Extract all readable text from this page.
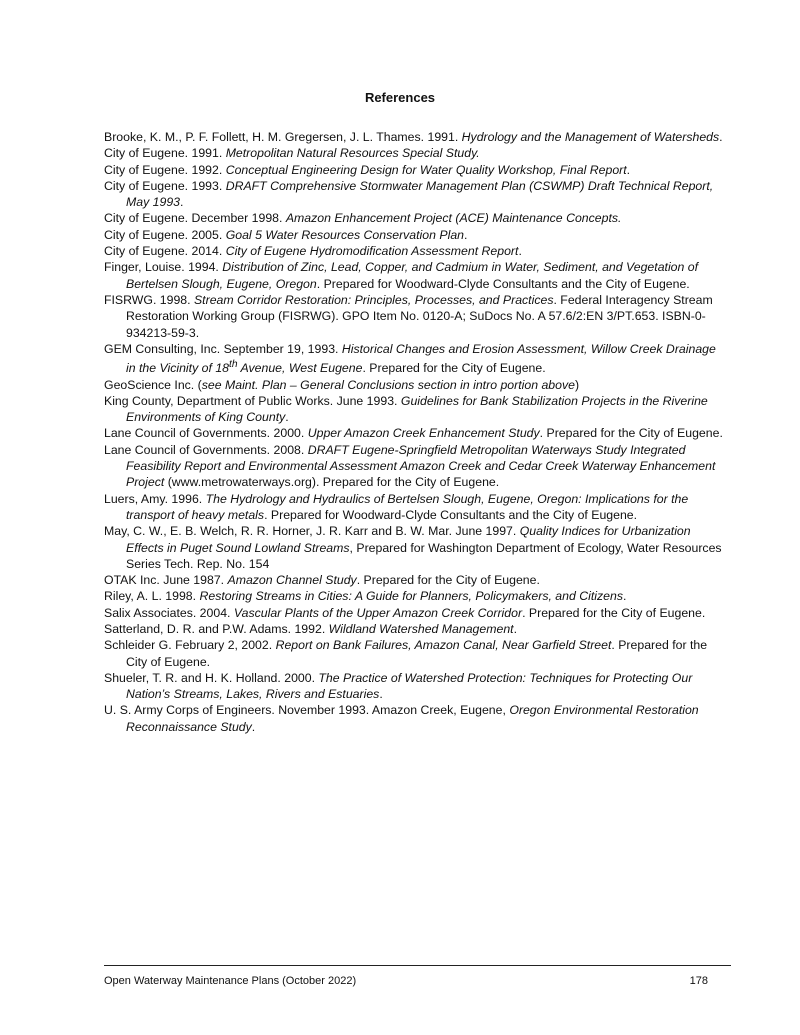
References
Brooke, K. M., P. F. Follett, H. M. Gregersen, J. L. Thames. 1991. Hydrology and the Management of Watersheds.
City of Eugene. 1991. Metropolitan Natural Resources Special Study.
City of Eugene. 1992. Conceptual Engineering Design for Water Quality Workshop, Final Report.
City of Eugene. 1993. DRAFT Comprehensive Stormwater Management Plan (CSWMP) Draft Technical Report, May 1993.
City of Eugene. December 1998. Amazon Enhancement Project (ACE) Maintenance Concepts.
City of Eugene. 2005. Goal 5 Water Resources Conservation Plan.
City of Eugene. 2014. City of Eugene Hydromodification Assessment Report.
Finger, Louise. 1994. Distribution of Zinc, Lead, Copper, and Cadmium in Water, Sediment, and Vegetation of Bertelsen Slough, Eugene, Oregon. Prepared for Woodward-Clyde Consultants and the City of Eugene.
FISRWG. 1998. Stream Corridor Restoration: Principles, Processes, and Practices. Federal Interagency Stream Restoration Working Group (FISRWG). GPO Item No. 0120-A; SuDocs No. A 57.6/2:EN 3/PT.653. ISBN-0-934213-59-3.
GEM Consulting, Inc. September 19, 1993. Historical Changes and Erosion Assessment, Willow Creek Drainage in the Vicinity of 18th Avenue, West Eugene. Prepared for the City of Eugene.
GeoScience Inc. (see Maint. Plan – General Conclusions section in intro portion above)
King County, Department of Public Works. June 1993. Guidelines for Bank Stabilization Projects in the Riverine Environments of King County.
Lane Council of Governments. 2000. Upper Amazon Creek Enhancement Study. Prepared for the City of Eugene.
Lane Council of Governments. 2008. DRAFT Eugene-Springfield Metropolitan Waterways Study Integrated Feasibility Report and Environmental Assessment Amazon Creek and Cedar Creek Waterway Enhancement Project (www.metrowaterways.org). Prepared for the City of Eugene.
Luers, Amy. 1996. The Hydrology and Hydraulics of Bertelsen Slough, Eugene, Oregon: Implications for the transport of heavy metals. Prepared for Woodward-Clyde Consultants and the City of Eugene.
May, C. W., E. B. Welch, R. R. Horner, J. R. Karr and B. W. Mar. June 1997. Quality Indices for Urbanization Effects in Puget Sound Lowland Streams, Prepared for Washington Department of Ecology, Water Resources Series Tech. Rep. No. 154
OTAK Inc. June 1987. Amazon Channel Study. Prepared for the City of Eugene.
Riley, A. L. 1998. Restoring Streams in Cities: A Guide for Planners, Policymakers, and Citizens.
Salix Associates. 2004. Vascular Plants of the Upper Amazon Creek Corridor. Prepared for the City of Eugene.
Satterland, D. R. and P.W. Adams. 1992. Wildland Watershed Management.
Schleider G. February 2, 2002. Report on Bank Failures, Amazon Canal, Near Garfield Street. Prepared for the City of Eugene.
Shueler, T. R. and H. K. Holland. 2000. The Practice of Watershed Protection: Techniques for Protecting Our Nation’s Streams, Lakes, Rivers and Estuaries.
U. S. Army Corps of Engineers. November 1993. Amazon Creek, Eugene, Oregon Environmental Restoration Reconnaissance Study.
Open Waterway Maintenance Plans (October 2022)	178
